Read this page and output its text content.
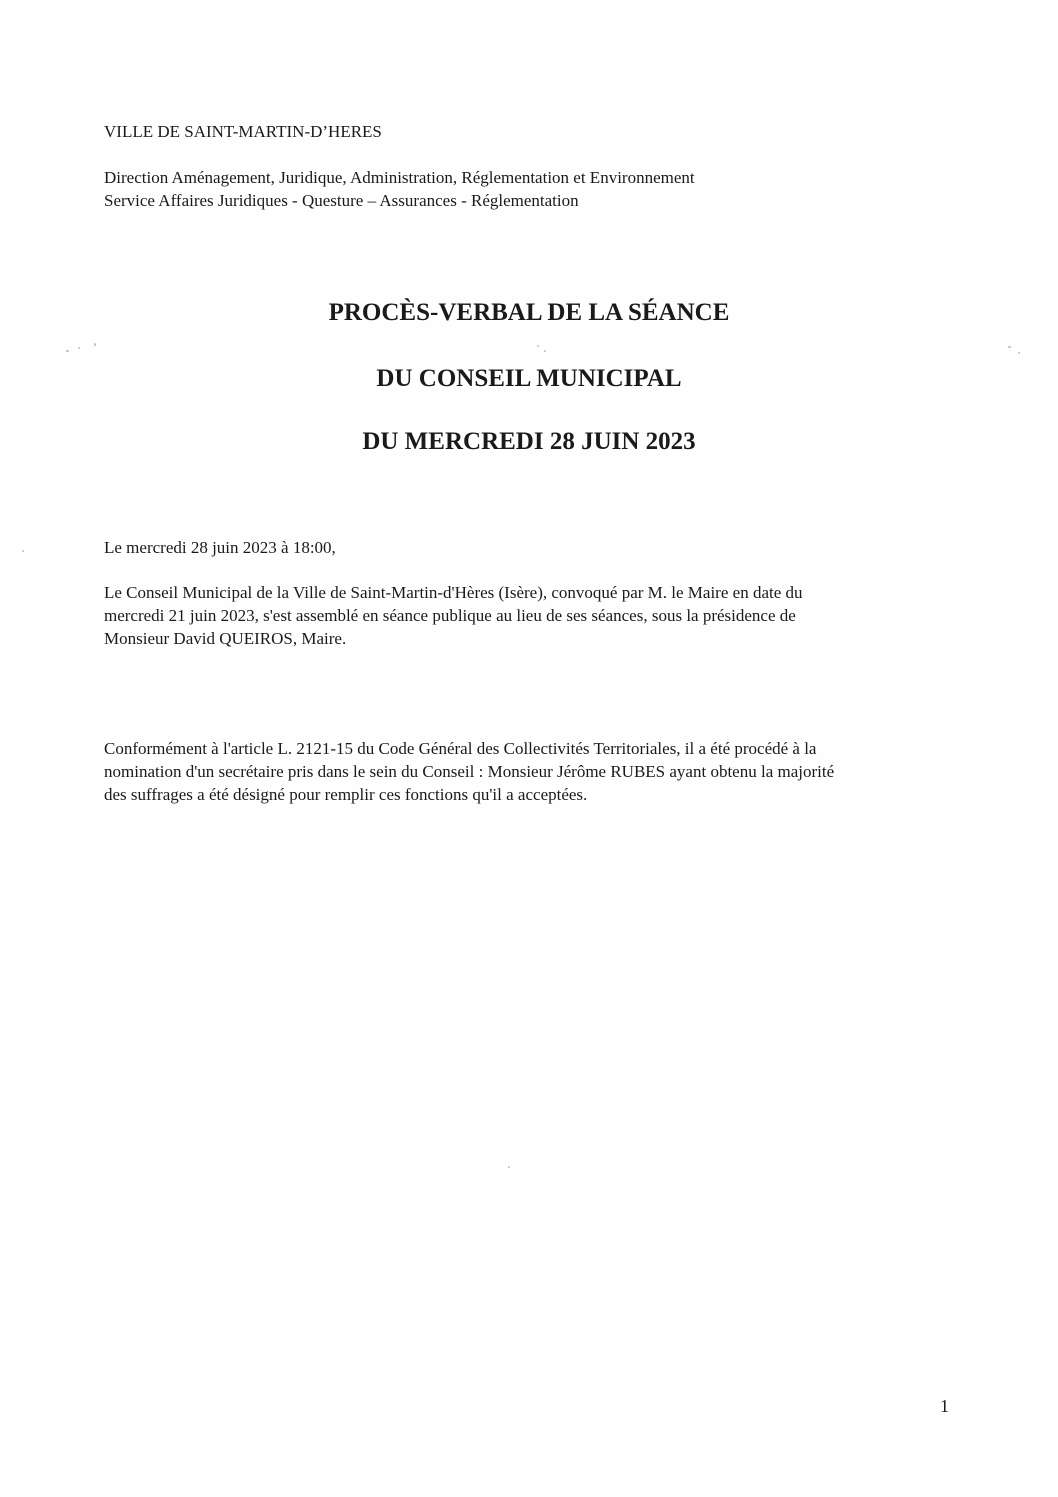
VILLE DE SAINT-MARTIN-D’HERES
Direction Aménagement, Juridique, Administration, Réglementation et Environnement
Service Affaires Juridiques - Questure – Assurances - Réglementation
PROCÈS-VERBAL DE LA SÉANCE
DU CONSEIL MUNICIPAL
DU MERCREDI 28 JUIN 2023
Le mercredi 28 juin 2023 à 18:00,
Le Conseil Municipal de la Ville de Saint-Martin-d'Hères (Isère), convoqué par M. le Maire en date du
mercredi 21 juin 2023, s'est assemblé en séance publique au lieu de ses séances, sous la présidence de
Monsieur David QUEIROS, Maire.
Conformément à l'article L. 2121-15 du Code Général des Collectivités Territoriales, il a été procédé à la
nomination d'un secrétaire pris dans le sein du Conseil : Monsieur Jérôme RUBES ayant obtenu la majorité
des suffrages a été désigné pour remplir ces fonctions qu'il a acceptées.
1
